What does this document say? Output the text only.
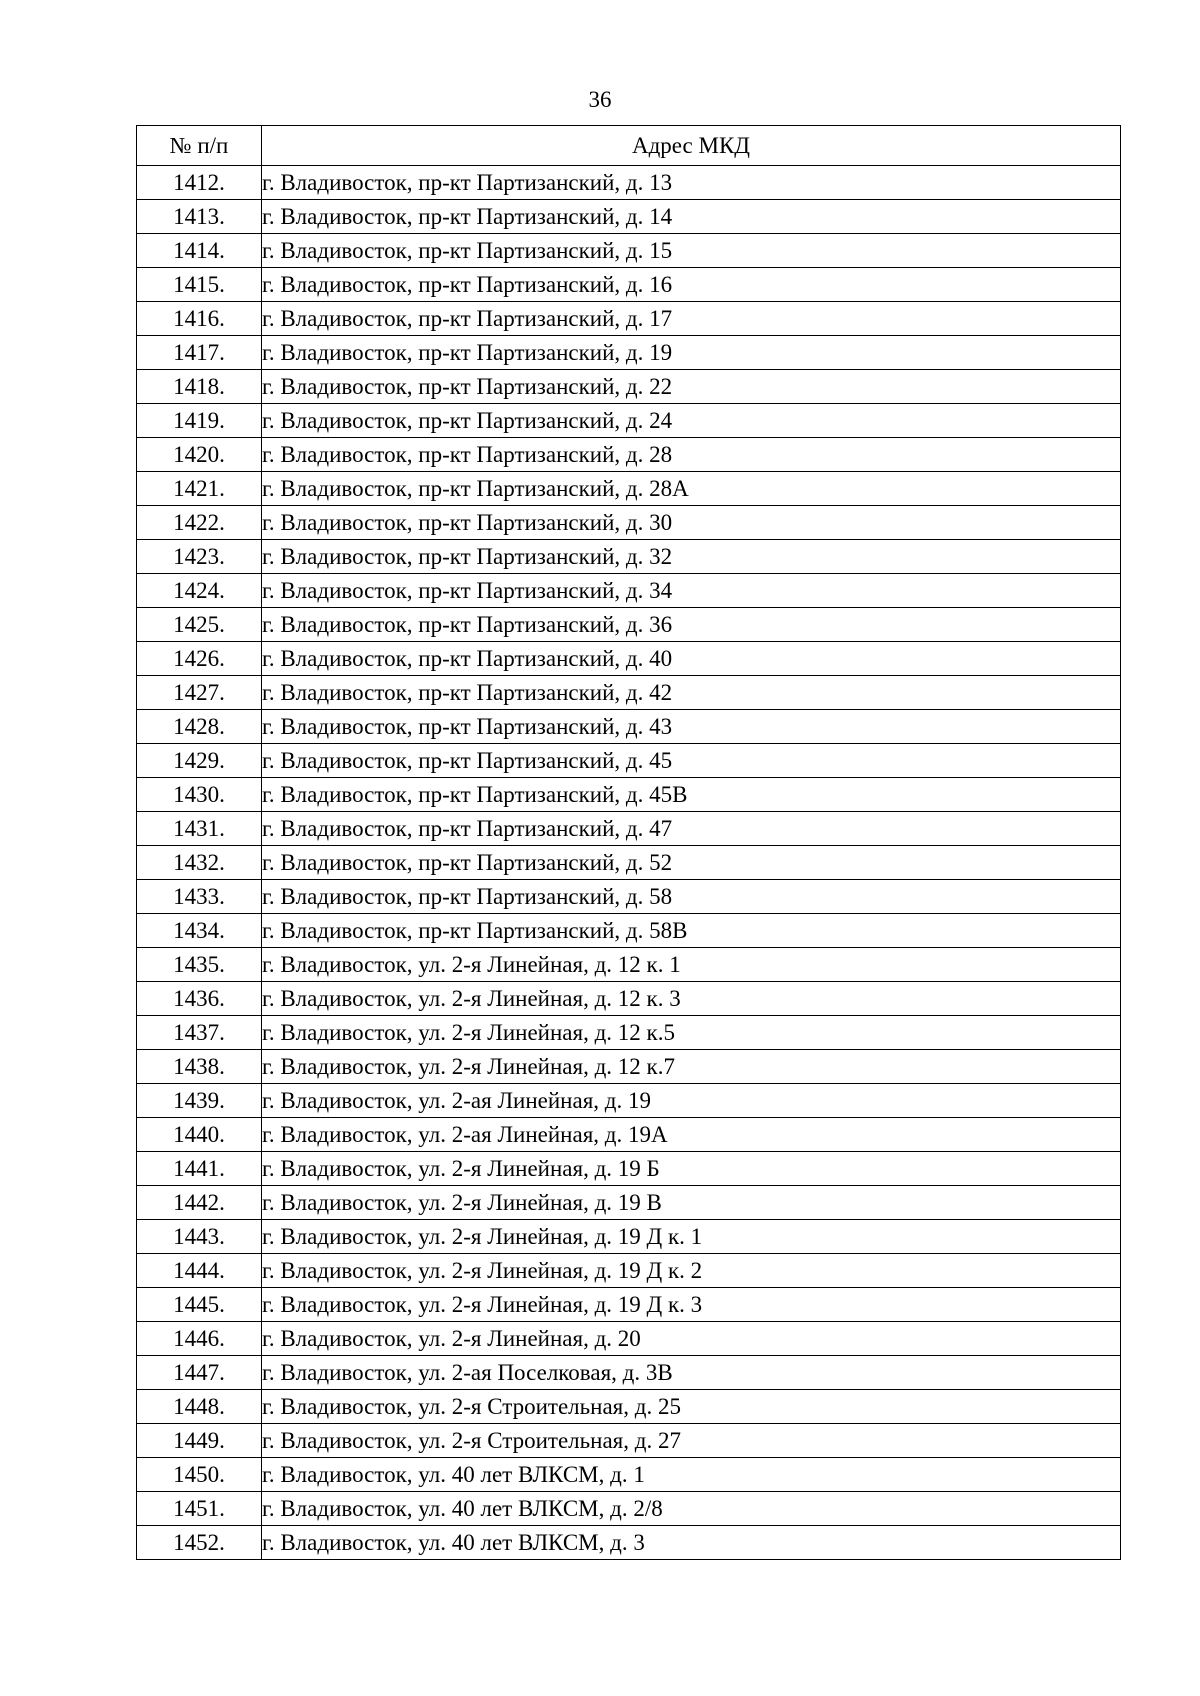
36
№ п/п	Адрес МКД
1412.	г. Владивосток, пр-кт Партизанский, д. 13
1413.	г. Владивосток, пр-кт Партизанский, д. 14
1414.	г. Владивосток, пр-кт Партизанский, д. 15
1415.	г. Владивосток, пр-кт Партизанский, д. 16
1416.	г. Владивосток, пр-кт Партизанский, д. 17
1417.	г. Владивосток, пр-кт Партизанский, д. 19
1418.	г. Владивосток, пр-кт Партизанский, д. 22
1419.	г. Владивосток, пр-кт Партизанский, д. 24
1420.	г. Владивосток, пр-кт Партизанский, д. 28
1421.	г. Владивосток, пр-кт Партизанский, д. 28А
1422.	г. Владивосток, пр-кт Партизанский, д. 30
1423.	г. Владивосток, пр-кт Партизанский, д. 32
1424.	г. Владивосток, пр-кт Партизанский, д. 34
1425.	г. Владивосток, пр-кт Партизанский, д. 36
1426.	г. Владивосток, пр-кт Партизанский, д. 40
1427.	г. Владивосток, пр-кт Партизанский, д. 42
1428.	г. Владивосток, пр-кт Партизанский, д. 43
1429.	г. Владивосток, пр-кт Партизанский, д. 45
1430.	г. Владивосток, пр-кт Партизанский, д. 45В
1431.	г. Владивосток, пр-кт Партизанский, д. 47
1432.	г. Владивосток, пр-кт Партизанский, д. 52
1433.	г. Владивосток, пр-кт Партизанский, д. 58
1434.	г. Владивосток, пр-кт Партизанский, д. 58В
1435.	г. Владивосток, ул. 2-я Линейная, д. 12 к. 1
1436.	г. Владивосток, ул. 2-я Линейная, д. 12 к. 3
1437.	г. Владивосток, ул. 2-я Линейная, д. 12 к.5
1438.	г. Владивосток, ул. 2-я Линейная, д. 12 к.7
1439.	г. Владивосток, ул. 2-ая Линейная, д. 19
1440.	г. Владивосток, ул. 2-ая Линейная, д. 19А
1441.	г. Владивосток, ул. 2-я Линейная, д. 19 Б
1442.	г. Владивосток, ул. 2-я Линейная, д. 19 В
1443.	г. Владивосток, ул. 2-я Линейная, д. 19 Д к. 1
1444.	г. Владивосток, ул. 2-я Линейная, д. 19 Д к. 2
1445.	г. Владивосток, ул. 2-я Линейная, д. 19 Д к. 3
1446.	г. Владивосток, ул. 2-я Линейная, д. 20
1447.	г. Владивосток, ул. 2-ая Поселковая, д. 3В
1448.	г. Владивосток, ул. 2-я Строительная, д. 25
1449.	г. Владивосток, ул. 2-я Строительная, д. 27
1450.	г. Владивосток, ул. 40 лет ВЛКСМ, д. 1
1451.	г. Владивосток, ул. 40 лет ВЛКСМ, д. 2/8
1452.	г. Владивосток, ул. 40 лет ВЛКСМ, д. 3
